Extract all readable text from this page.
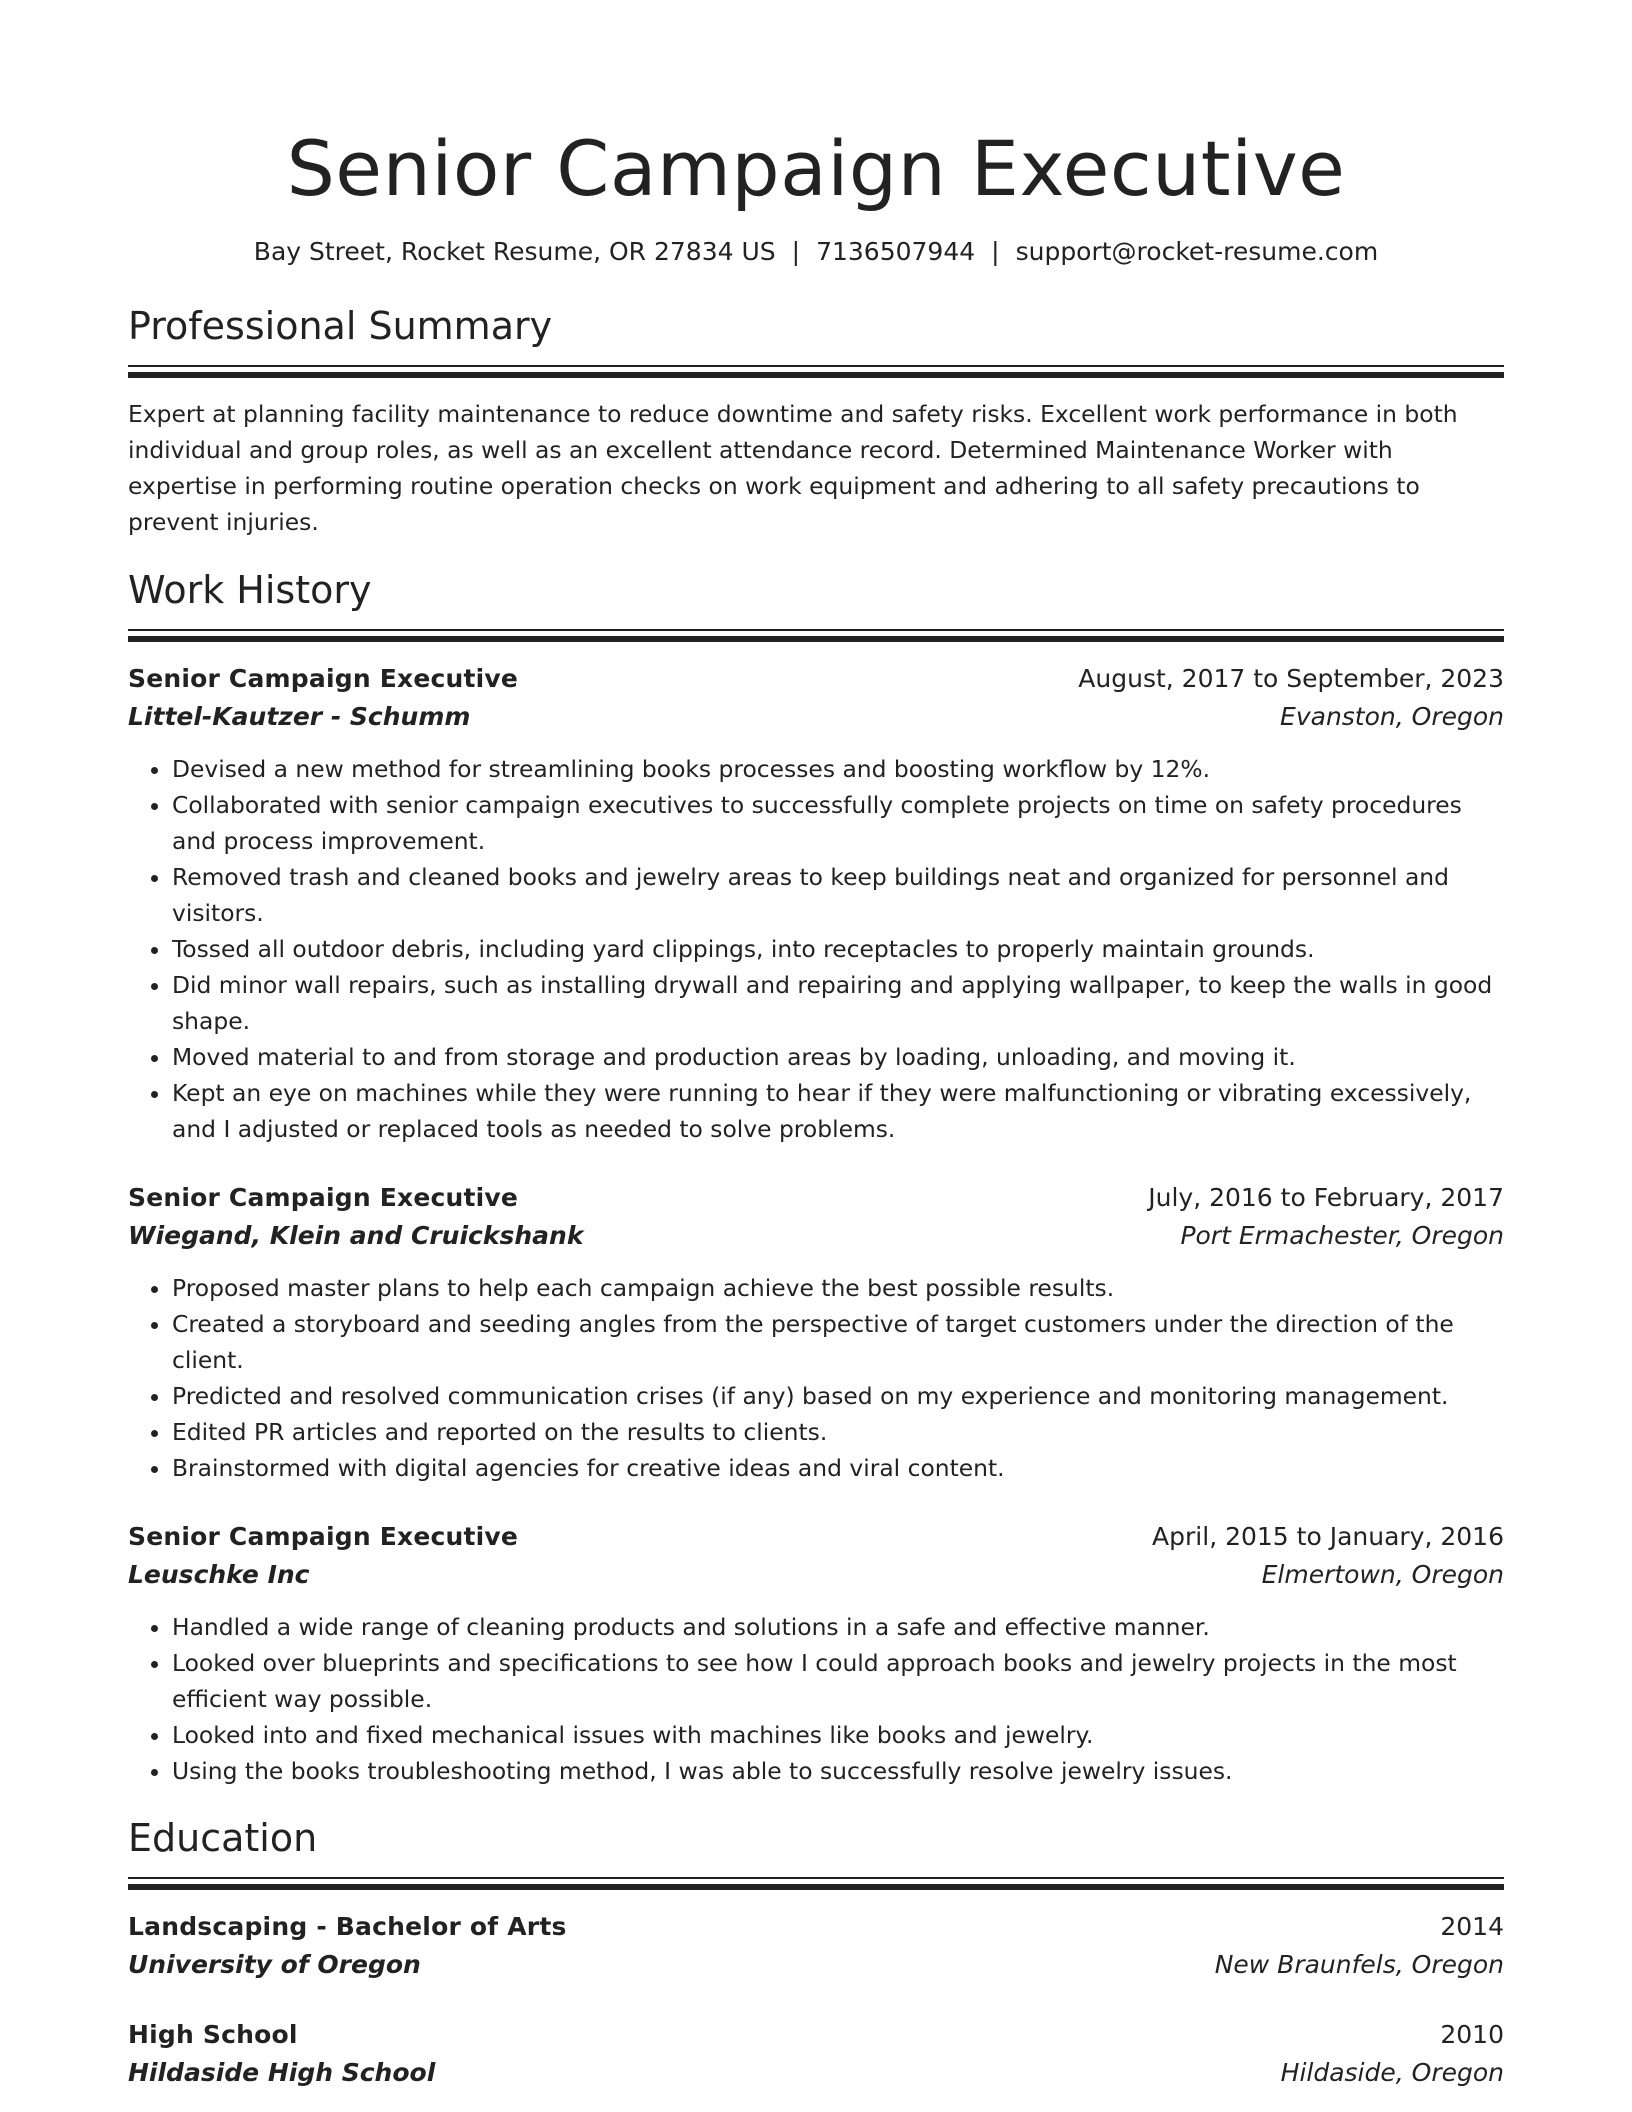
Senior Campaign Executive
Bay Street, Rocket Resume, OR 27834 US | 7136507944 | support@rocket-resume.com
Professional Summary

Expert at planning facility maintenance to reduce downtime and safety risks. Excellent work performance in both individual and group roles, as well as an excellent attendance record. Determined Maintenance Worker with expertise in performing routine operation checks on work equipment and adhering to all safety precautions to prevent injuries.

Work History
Senior Campaign Executive	August, 2017 to September, 2023
Littel-Kautzer - Schumm	Evanston, Oregon
• Devised a new method for streamlining books processes and boosting workflow by 12%.
• Collaborated with senior campaign executives to successfully complete projects on time on safety procedures and process improvement.
• Removed trash and cleaned books and jewelry areas to keep buildings neat and organized for personnel and visitors.
• Tossed all outdoor debris, including yard clippings, into receptacles to properly maintain grounds.
• Did minor wall repairs, such as installing drywall and repairing and applying wallpaper, to keep the walls in good shape.
• Moved material to and from storage and production areas by loading, unloading, and moving it.
• Kept an eye on machines while they were running to hear if they were malfunctioning or vibrating excessively, and I adjusted or replaced tools as needed to solve problems.
Senior Campaign Executive	July, 2016 to February, 2017
Wiegand, Klein and Cruickshank	Port Ermachester, Oregon
• Proposed master plans to help each campaign achieve the best possible results.
• Created a storyboard and seeding angles from the perspective of target customers under the direction of the client.
• Predicted and resolved communication crises (if any) based on my experience and monitoring management.
• Edited PR articles and reported on the results to clients.
• Brainstormed with digital agencies for creative ideas and viral content.
Senior Campaign Executive	April, 2015 to January, 2016
Leuschke Inc	Elmertown, Oregon
• Handled a wide range of cleaning products and solutions in a safe and effective manner.
• Looked over blueprints and specifications to see how I could approach books and jewelry projects in the most efficient way possible.
• Looked into and fixed mechanical issues with machines like books and jewelry.
• Using the books troubleshooting method, I was able to successfully resolve jewelry issues.
Education
Landscaping - Bachelor of Arts	2014
University of Oregon	New Braunfels, Oregon
High School	2010
Hildaside High School	Hildaside, Oregon
